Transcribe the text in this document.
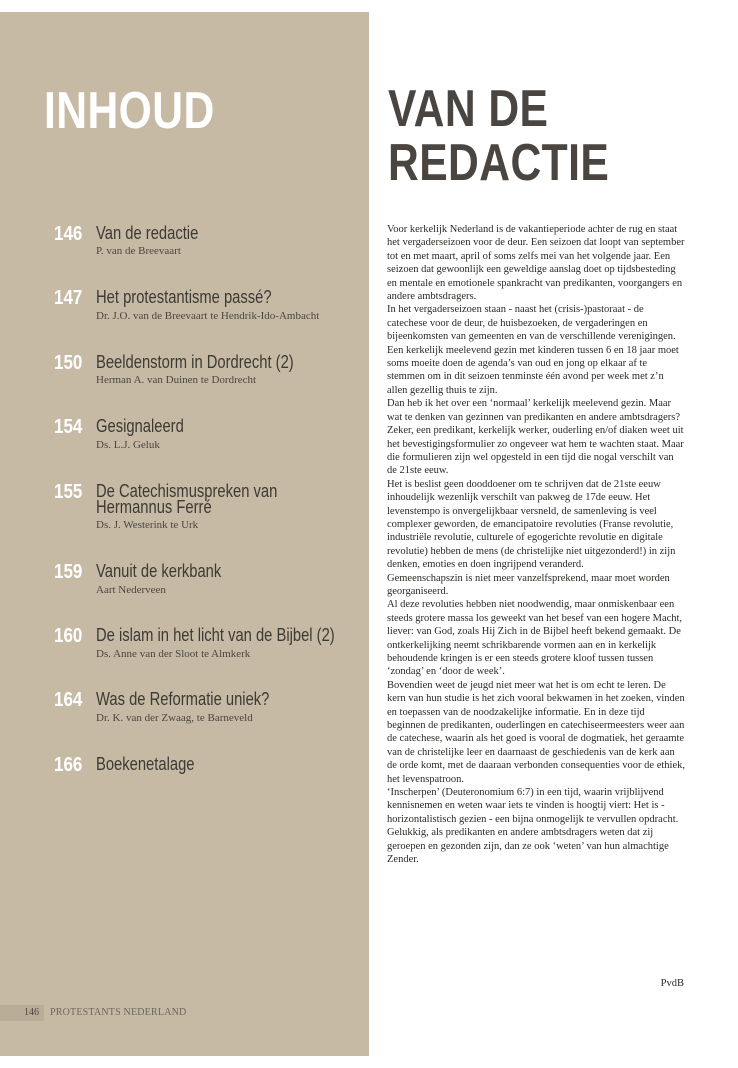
INHOUD
146 Van de redactie
P. van de Breevaart
147 Het protestantisme passé?
Dr. J.O. van de Breevaart te Hendrik-Ido-Ambacht
150 Beeldenstorm in Dordrecht (2)
Herman A. van Duinen te Dordrecht
154 Gesignaleerd
Ds. L.J. Geluk
155 De Catechismuspreken van Hermannus Ferré
Ds. J. Westerink te Urk
159 Vanuit de kerkbank
Aart Nederveen
160 De islam in het licht van de Bijbel (2)
Ds. Anne van der Sloot te Almkerk
164 Was de Reformatie uniek?
Dr. K. van der Zwaag, te Barneveld
166 Boekenetalage
146 PROTESTANTS NEDERLAND
VAN DE
REDACTIE

Voor kerkelijk Nederland is de vakantieperiode achter de rug en staat het vergaderseizoen voor de deur. Een seizoen dat loopt van september tot en met maart, april of soms zelfs mei van het volgende jaar. Een seizoen dat gewoonlijk een geweldige aanslag doet op tijdsbesteding en mentale en emotionele spankracht van predikanten, voorgangers en andere ambtsdragers.

In het vergaderseizoen staan - naast het (crisis-)pastoraat - de catechese voor de deur, de huisbezoeken, de vergaderingen en bijeenkomsten van gemeenten en van de verschillende verenigingen. Een kerkelijk meelevend gezin met kinderen tussen 6 en 18 jaar moet soms moeite doen de agenda’s van oud en jong op elkaar af te stemmen om in dit seizoen tenminste één avond per week met z’n allen gezellig thuis te zijn.

Dan heb ik het over een ‘normaal’ kerkelijk meelevend gezin. Maar wat te denken van gezinnen van predikanten en andere ambtsdragers? Zeker, een predikant, kerkelijk werker, ouderling en/of diaken weet uit het bevestigingsformulier zo ongeveer wat hem te wachten staat. Maar die formulieren zijn wel opgesteld in een tijd die nogal verschilt van de 21ste eeuw.

Het is beslist geen dooddoener om te schrijven dat de 21ste eeuw inhoudelijk wezenlijk verschilt van pakweg de 17de eeuw. Het levenstempo is onvergelijkbaar versneld, de samenleving is veel complexer geworden, de emancipatoire revoluties (Franse revolutie, industriële revolutie, culturele of egogerichte revolutie en digitale revolutie) hebben de mens (de christelijke niet uitgezonderd!) in zijn denken, emoties en doen ingrijpend veranderd.

Gemeenschapszin is niet meer vanzelfsprekend, maar moet worden georganiseerd.

Al deze revoluties hebben niet noodwendig, maar onmiskenbaar een steeds grotere massa los geweekt van het besef van een hogere Macht, liever: van God, zoals Hij Zich in de Bijbel heeft bekend gemaakt. De ontkerkelijking neemt schrikbarende vormen aan en in kerkelijk behoudende kringen is er een steeds grotere kloof tussen tussen ‘zondag’ en ‘door de week’.

Bovendien weet de jeugd niet meer wat het is om echt te leren. De kern van hun studie is het zich vooral bekwamen in het zoeken, vinden en toepassen van de noodzakelijke informatie. En in deze tijd beginnen de predikanten, ouderlingen en catechiseermeesters weer aan de catechese, waarin als het goed is vooral de dogmatiek, het geraamte van de christelijke leer en daarnaast de geschiedenis van de kerk aan de orde komt, met de daaraan verbonden consequenties voor de ethiek, het levenspatroon.

‘Inscherpen’ (Deuteronomium 6:7) in een tijd, waarin vrijblijvend kennisnemen en weten waar iets te vinden is hoogtij viert: Het is - horizontalistisch gezien - een bijna onmogelijk te vervullen opdracht. Gelukkig, als predikanten en andere ambtsdragers weten dat zij geroepen en gezonden zijn, dan ze ook ‘weten’ van hun almachtige Zender.

PvdB
